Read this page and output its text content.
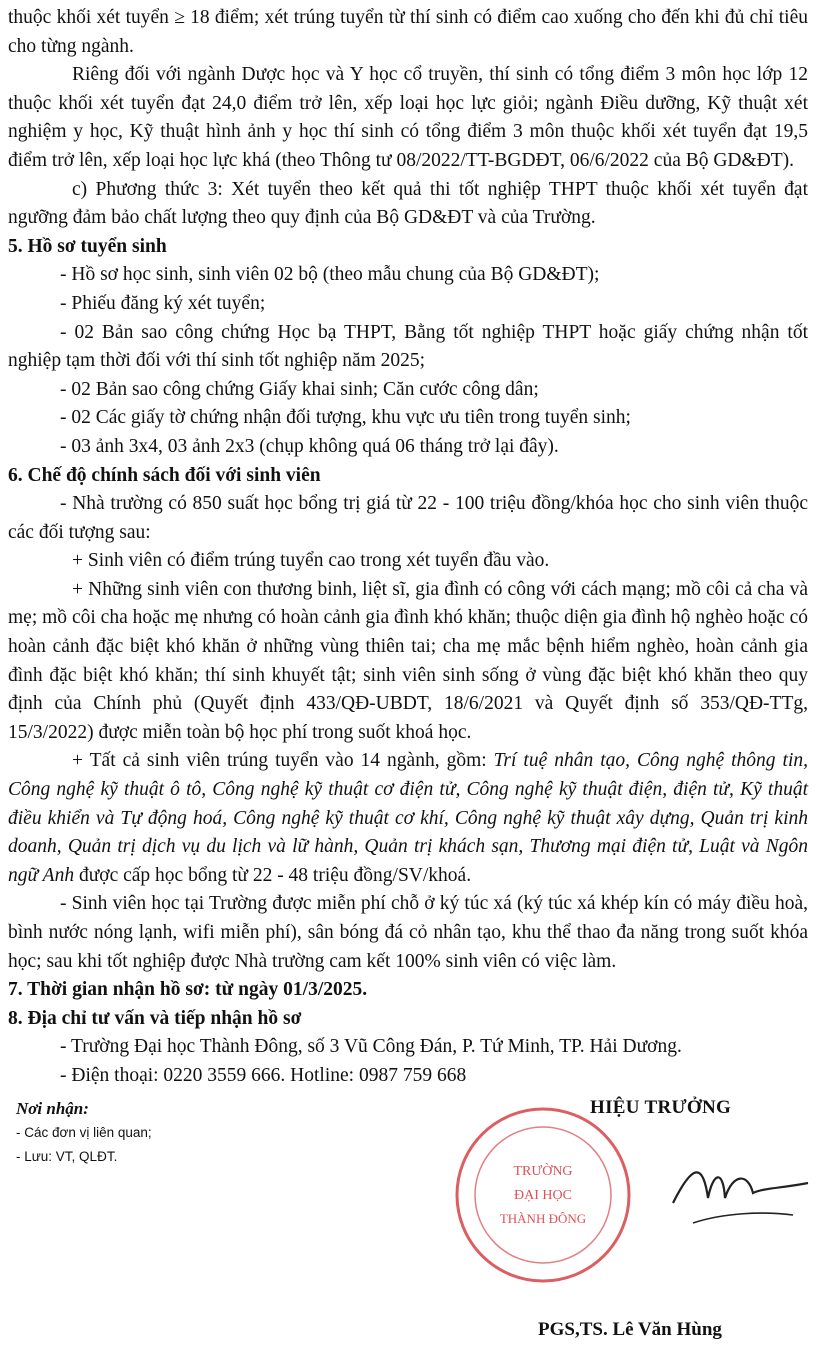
thuộc khối xét tuyển ≥ 18 điểm; xét trúng tuyển từ thí sinh có điểm cao xuống cho đến khi đủ chỉ tiêu cho từng ngành.

Riêng đối với ngành Dược học và Y học cổ truyền, thí sinh có tổng điểm 3 môn học lớp 12 thuộc khối xét tuyển đạt 24,0 điểm trở lên, xếp loại học lực giỏi; ngành Điều dưỡng, Kỹ thuật xét nghiệm y học, Kỹ thuật hình ảnh y học thí sinh có tổng điểm 3 môn thuộc khối xét tuyển đạt 19,5 điểm trở lên, xếp loại học lực khá (theo Thông tư 08/2022/TT-BGDĐT, 06/6/2022 của Bộ GD&ĐT).

c) Phương thức 3: Xét tuyển theo kết quả thi tốt nghiệp THPT thuộc khối xét tuyển đạt ngưỡng đảm bảo chất lượng theo quy định của Bộ GD&ĐT và của Trường.

5. Hồ sơ tuyển sinh

- Hồ sơ học sinh, sinh viên 02 bộ (theo mẫu chung của Bộ GD&ĐT);

- Phiếu đăng ký xét tuyển;

- 02 Bản sao công chứng Học bạ THPT, Bằng tốt nghiệp THPT hoặc giấy chứng nhận tốt nghiệp tạm thời đối với thí sinh tốt nghiệp năm 2025;

- 02 Bản sao công chứng Giấy khai sinh; Căn cước công dân;

- 02 Các giấy tờ chứng nhận đối tượng, khu vực ưu tiên trong tuyển sinh;

- 03 ảnh 3x4, 03 ảnh 2x3 (chụp không quá 06 tháng trở lại đây).

6. Chế độ chính sách đối với sinh viên

- Nhà trường có 850 suất học bổng trị giá từ 22 - 100 triệu đồng/khóa học cho sinh viên thuộc các đối tượng sau:

+ Sinh viên có điểm trúng tuyển cao trong xét tuyển đầu vào.

+ Những sinh viên con thương binh, liệt sĩ, gia đình có công với cách mạng; mồ côi cả cha và mẹ; mồ côi cha hoặc mẹ nhưng có hoàn cảnh gia đình khó khăn; thuộc diện gia đình hộ nghèo hoặc có hoàn cảnh đặc biệt khó khăn ở những vùng thiên tai; cha mẹ mắc bệnh hiểm nghèo, hoàn cảnh gia đình đặc biệt khó khăn; thí sinh khuyết tật; sinh viên sinh sống ở vùng đặc biệt khó khăn theo quy định của Chính phủ (Quyết định 433/QĐ-UBDT, 18/6/2021 và Quyết định số 353/QĐ-TTg, 15/3/2022) được miễn toàn bộ học phí trong suốt khoá học.

+ Tất cả sinh viên trúng tuyển vào 14 ngành, gồm: Trí tuệ nhân tạo, Công nghệ thông tin, Công nghệ kỹ thuật ô tô, Công nghệ kỹ thuật cơ điện tử, Công nghệ kỹ thuật điện, điện tử, Kỹ thuật điều khiển và Tự động hoá, Công nghệ kỹ thuật cơ khí, Công nghệ kỹ thuật xây dựng, Quản trị kinh doanh, Quản trị dịch vụ du lịch và lữ hành, Quản trị khách sạn, Thương mại điện tử, Luật và Ngôn ngữ Anh được cấp học bổng từ 22 - 48 triệu đồng/SV/khoá.

- Sinh viên học tại Trường được miễn phí chỗ ở ký túc xá (ký túc xá khép kín có máy điều hoà, bình nước nóng lạnh, wifi miễn phí), sân bóng đá cỏ nhân tạo, khu thể thao đa năng trong suốt khóa học; sau khi tốt nghiệp được Nhà trường cam kết 100% sinh viên có việc làm.

7. Thời gian nhận hồ sơ: từ ngày 01/3/2025.

8. Địa chỉ tư vấn và tiếp nhận hồ sơ

- Trường Đại học Thành Đông, số 3 Vũ Công Đán, P. Tứ Minh, TP. Hải Dương.

- Điện thoại: 0220 3559 666. Hotline: 0987 759 668

Nơi nhận:

- Các đơn vị liên quan;

- Lưu: VT, QLĐT.

TRƯỜNG
ĐẠI HỌC
THÀNH ĐÔNG

HIỆU TRƯỞNG

PGS,TS. Lê Văn Hùng
